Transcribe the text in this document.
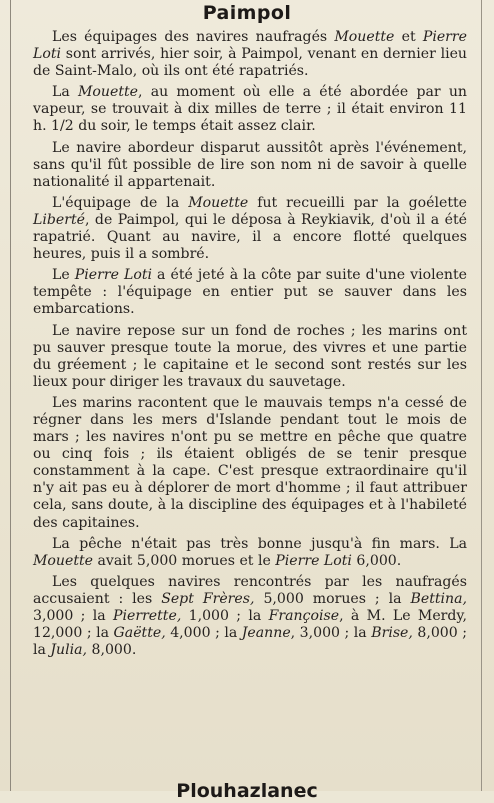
Paimpol

Les équipages des navires naufragés Mouette et Pierre Loti sont arrivés, hier soir, à Paimpol, venant en dernier lieu de Saint-Malo, où ils ont été rapatriés.

La Mouette, au moment où elle a été abordée par un vapeur, se trouvait à dix milles de terre ; il était environ 11 h. 1/2 du soir, le temps était assez clair.

Le navire abordeur disparut aussitôt après l'événement, sans qu'il fût possible de lire son nom ni de savoir à quelle nationalité il appartenait.

L'équipage de la Mouette fut recueilli par la goélette Liberté, de Paimpol, qui le déposa à Reykiavik, d'où il a été rapatrié. Quant au navire, il a encore flotté quelques heures, puis il a sombré.

Le Pierre Loti a été jeté à la côte par suite d'une violente tempête : l'équipage en entier put se sauver dans les embarcations.

Le navire repose sur un fond de roches ; les marins ont pu sauver presque toute la morue, des vivres et une partie du gréement ; le capitaine et le second sont restés sur les lieux pour diriger les travaux du sauvetage.

Les marins racontent que le mauvais temps n'a cessé de régner dans les mers d'Islande pendant tout le mois de mars ; les navires n'ont pu se mettre en pêche que quatre ou cinq fois ; ils étaient obligés de se tenir presque constamment à la cape. C'est presque extraordinaire qu'il n'y ait pas eu à déplorer de mort d'homme ; il faut attribuer cela, sans doute, à la discipline des équipages et à l'habileté des capitaines.

La pêche n'était pas très bonne jusqu'à fin mars. La Mouette avait 5,000 morues et le Pierre Loti 6,000.

Les quelques navires rencontrés par les naufragés accusaient : les Sept Frères, 5,000 morues ; la Bettina, 3,000 ; la Pierrette, 1,000 ; la Françoise, à M. Le Merdy, 12,000 ; la Gaëtte, 4,000 ; la Jeanne, 3,000 ; la Brise, 8,000 ; la Julia, 8,000.

Plouhazlanec
